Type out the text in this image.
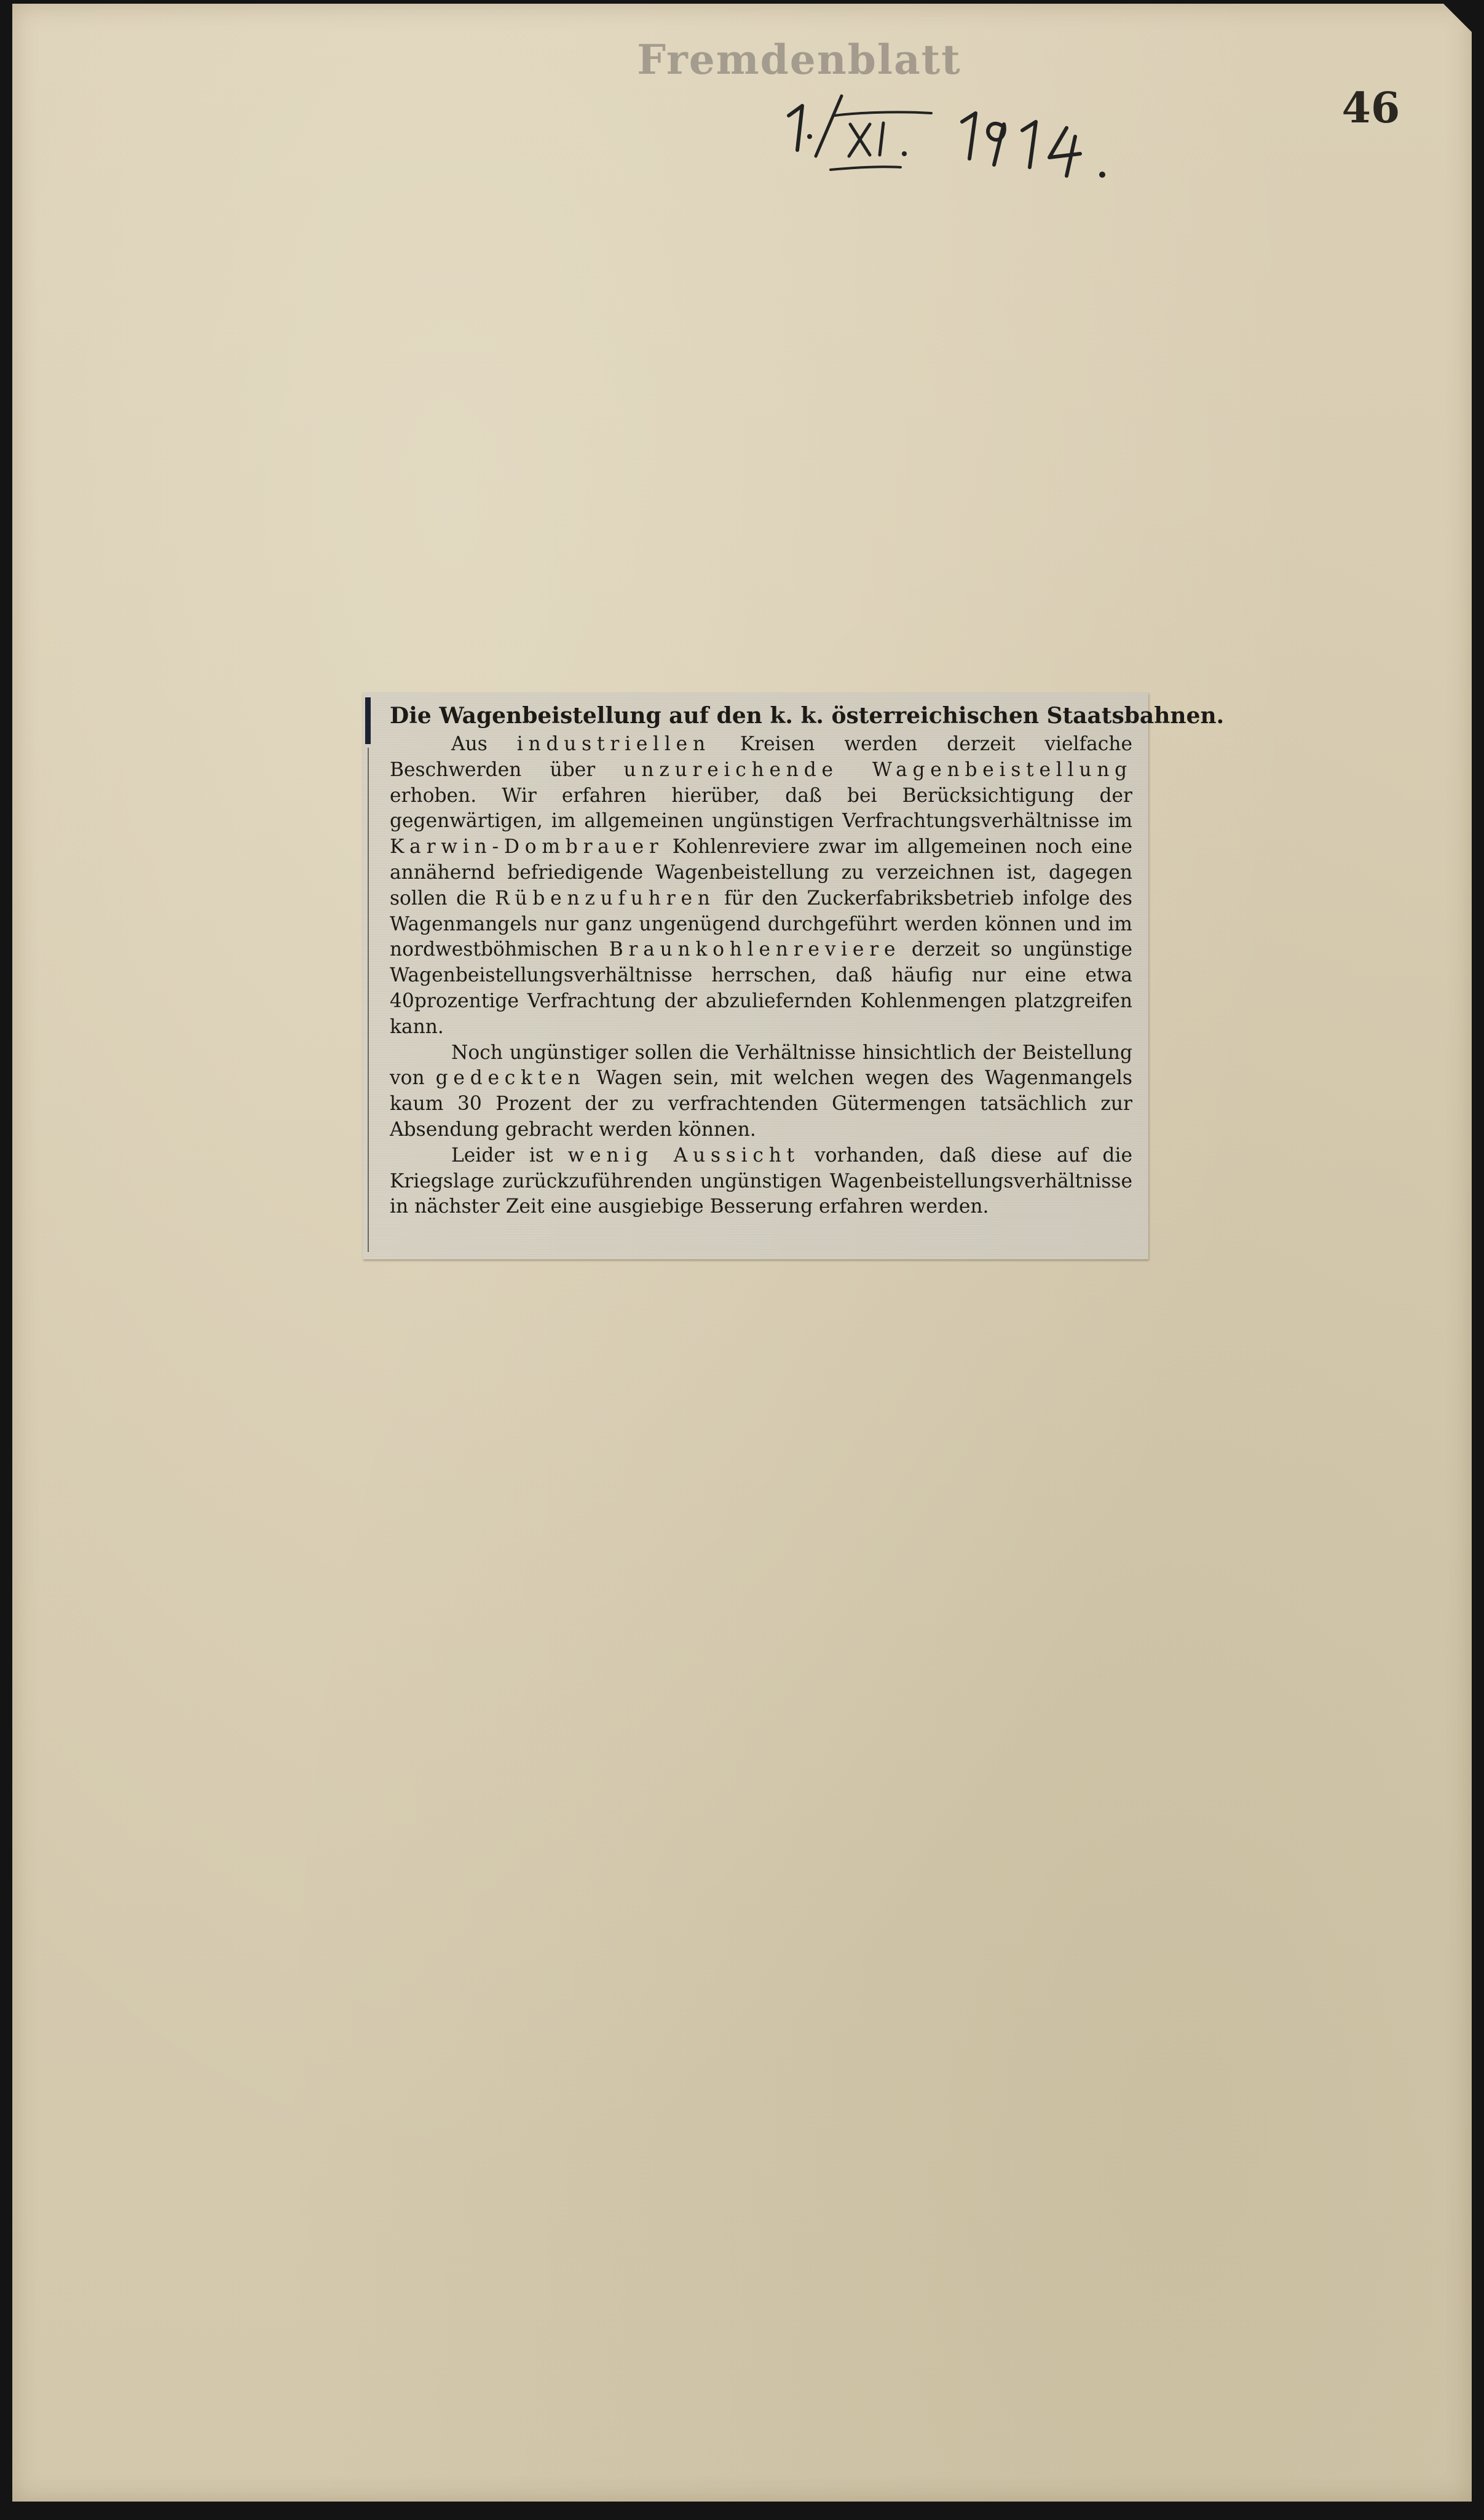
Fremdenblatt
46
Die Wagenbeistellung auf den k. k. österreichischen Staatsbahnen.

Aus industriellen Kreisen werden derzeit vielfache Beschwerden über unzureichende Wagenbeistellung erhoben. Wir erfahren hierüber, daß bei Berücksichtigung der gegenwärtigen, im allgemeinen ungünstigen Verfrachtungsverhältnisse im Karwin-Dombrauer Kohlenreviere zwar im allgemeinen noch eine annähernd befriedigende Wagenbeistellung zu verzeichnen ist, dagegen sollen die Rübenzufuhren für den Zuckerfabriksbetrieb infolge des Wagenmangels nur ganz ungenügend durchgeführt werden können und im nordwestböhmischen Braunkohlenreviere derzeit so ungünstige Wagenbeistellungsverhältnisse herrschen, daß häufig nur eine etwa 40prozentige Verfrachtung der abzuliefernden Kohlenmengen platzgreifen kann.

Noch ungünstiger sollen die Verhältnisse hinsichtlich der Beistellung von gedeckten Wagen sein, mit welchen wegen des Wagenmangels kaum 30 Prozent der zu verfrachtenden Gütermengen tatsächlich zur Absendung gebracht werden können.

Leider ist wenig Aussicht vorhanden, daß diese auf die Kriegslage zurückzuführenden ungünstigen Wagenbeistellungsverhältnisse in nächster Zeit eine ausgiebige Besserung erfahren werden.
